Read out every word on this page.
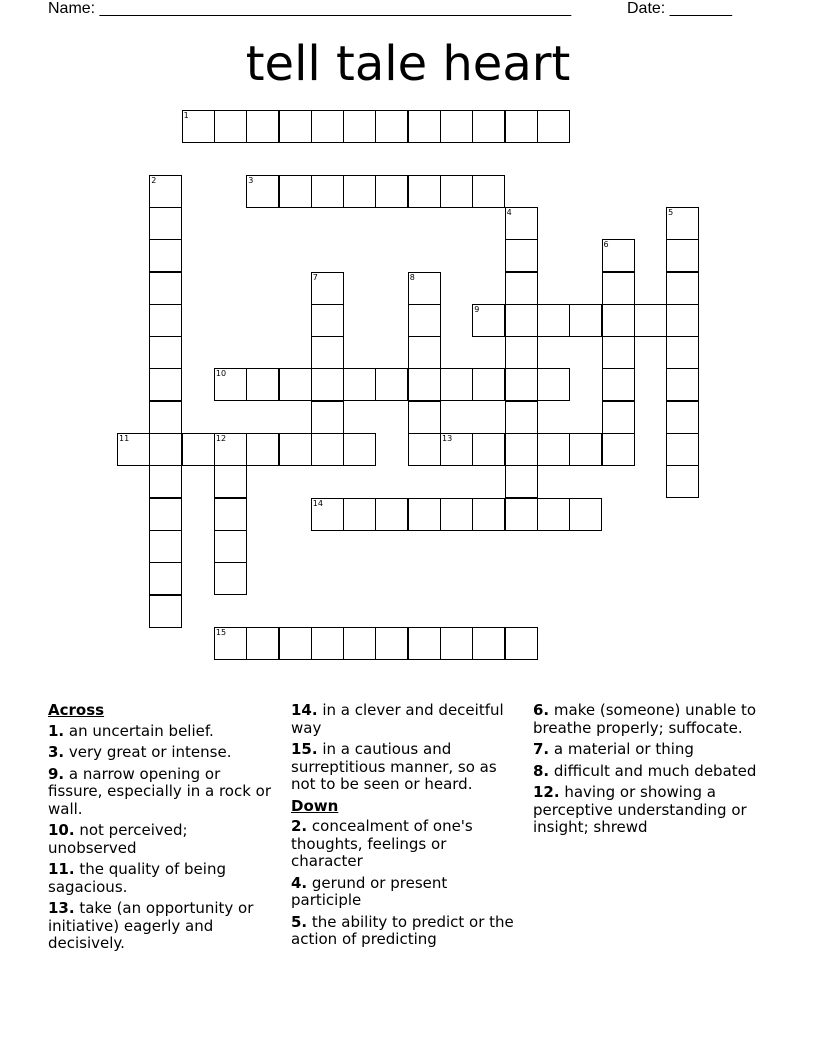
Name: _____________________________________________________	Date: _______
tell tale heart
1
2	3
4	5
6
7	8
9
10
11	12	13
14
15
Across
1. an uncertain belief.
3. very great or intense.
9. a narrow opening or fissure, especially in a rock or wall.
10. not perceived; unobserved
11. the quality of being sagacious.
13. take (an opportunity or initiative) eagerly and decisively.
14. in a clever and deceitful way
15. in a cautious and surreptitious manner, so as not to be seen or heard.
Down
2. concealment of one's thoughts, feelings or character
4. gerund or present participle
5. the ability to predict or the action of predicting
6. make (someone) unable to breathe properly; suffocate.
7. a material or thing
8. difficult and much debated
12. having or showing a perceptive understanding or insight; shrewd
